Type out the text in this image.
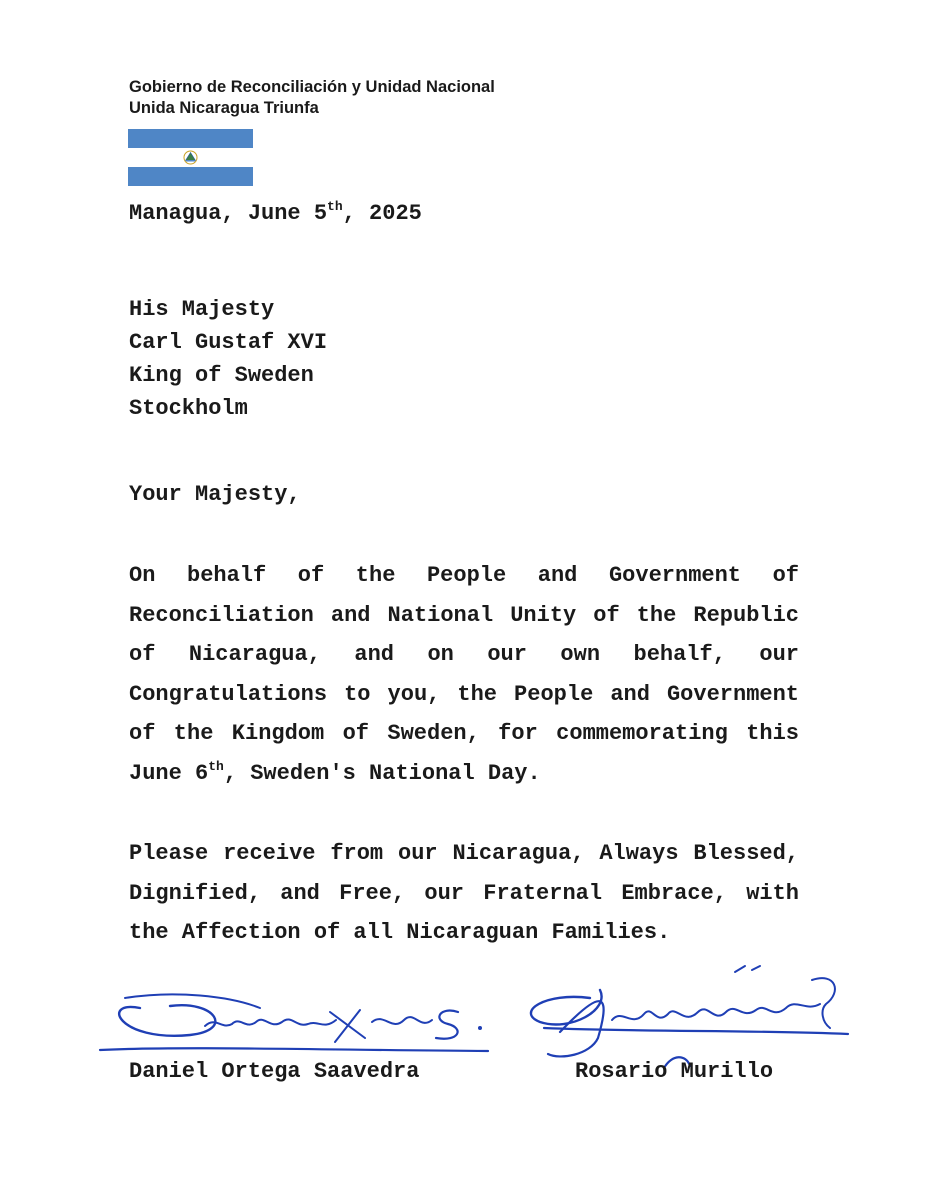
Gobierno de Reconciliación y Unidad Nacional
Unida Nicaragua Triunfa
Managua, June 5th, 2025
His Majesty
Carl Gustaf XVI
King of Sweden
Stockholm
Your Majesty,
On behalf of the People and Government of Reconciliation and National Unity of the Republic of Nicaragua, and on our own behalf, our Congratulations to you, the People and Government of the Kingdom of Sweden, for commemorating this June 6th, Sweden's National Day.
Please receive from our Nicaragua, Always Blessed, Dignified, and Free, our Fraternal Embrace, with the Affection of all Nicaraguan Families.
Daniel Ortega Saavedra	Rosario Murillo
